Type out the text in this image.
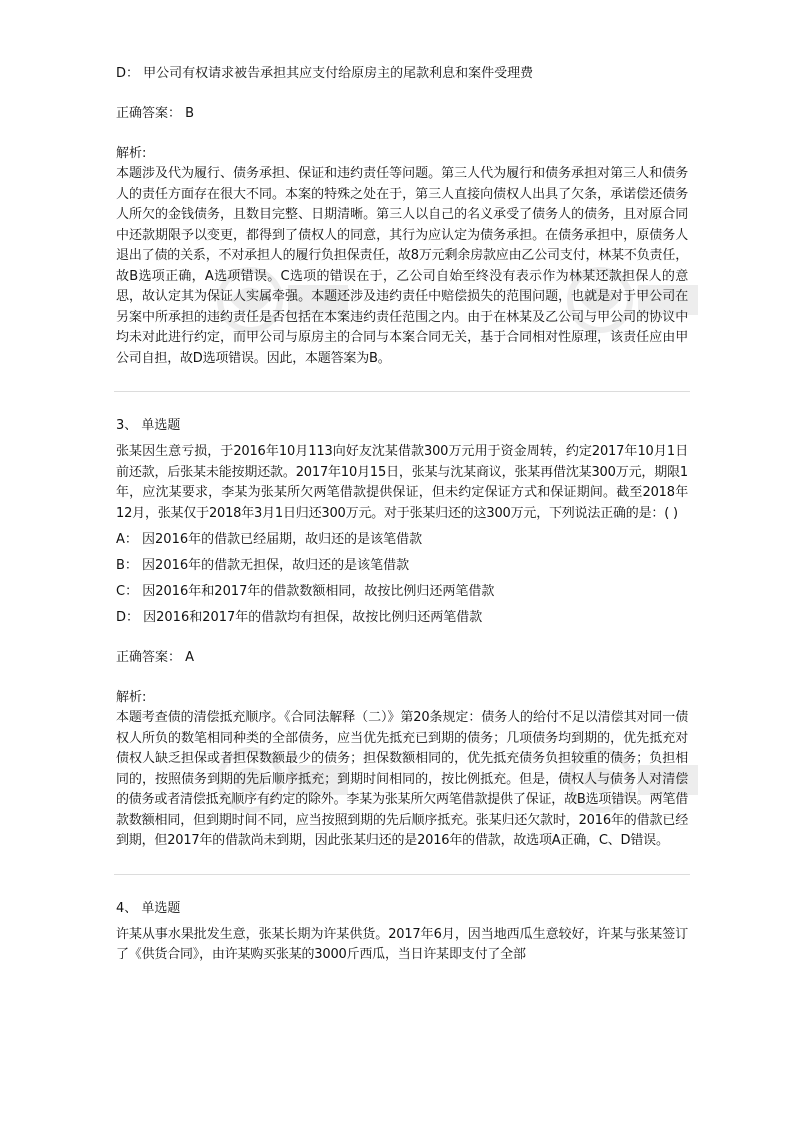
D： 甲公司有权请求被告承担其应支付给原房主的尾款利息和案件受理费

正确答案： B

解析:

本题涉及代为履行、债务承担、保证和违约责任等问题。第三人代为履行和债务承担对第三人和债务人的责任方面存在很大不同。本案的特殊之处在于，第三人直接向债权人出具了欠条，承诺偿还债务人所欠的金钱债务，且数目完整、日期清晰。第三人以自己的名义承受了债务人的债务，且对原合同中还款期限予以变更，都得到了债权人的同意，其行为应认定为债务承担。在债务承担中，原债务人退出了债的关系，不对承担人的履行负担保责任，故8万元剩余房款应由乙公司支付，林某不负责任，故B选项正确，A选项错误。C选项的错误在于，乙公司自始至终没有表示作为林某还款担保人的意思，故认定其为保证人实属牵强。本题还涉及违约责任中赔偿损失的范围问题，也就是对于甲公司在另案中所承担的违约责任是否包括在本案违约责任范围之内。由于在林某及乙公司与甲公司的协议中均未对此进行约定，而甲公司与原房主的合同与本案合同无关，基于合同相对性原理，该责任应由甲公司自担，故D选项错误。因此，本题答案为B。

3、 单选题

张某因生意亏损，于2016年10月113向好友沈某借款300万元用于资金周转，约定2017年10月1日前还款，后张某未能按期还款。2017年10月15日，张某与沈某商议，张某再借沈某300万元，期限1年，应沈某要求，李某为张某所欠两笔借款提供保证，但未约定保证方式和保证期间。截至2018年12月，张某仅于2018年3月1日归还300万元。对于张某归还的这300万元，下列说法正确的是：( )

A： 因2016年的借款已经届期，故归还的是该笔借款

B： 因2016年的借款无担保，故归还的是该笔借款

C： 因2016年和2017年的借款数额相同，故按比例归还两笔借款

D： 因2016和2017年的借款均有担保，故按比例归还两笔借款

正确答案： A

解析:

本题考查债的清偿抵充顺序。《合同法解释（二）》第20条规定：债务人的给付不足以清偿其对同一债权人所负的数笔相同种类的全部债务，应当优先抵充已到期的债务；几项债务均到期的，优先抵充对债权人缺乏担保或者担保数额最少的债务；担保数额相同的，优先抵充债务负担较重的债务；负担相同的，按照债务到期的先后顺序抵充；到期时间相同的，按比例抵充。但是，债权人与债务人对清偿的债务或者清偿抵充顺序有约定的除外。李某为张某所欠两笔借款提供了保证，故B选项错误。两笔借款数额相同，但到期时间不同，应当按照到期的先后顺序抵充。张某归还欠款时，2016年的借款已经到期，但2017年的借款尚未到期，因此张某归还的是2016年的借款，故选项A正确，C、D错误。

4、 单选题

许某从事水果批发生意，张某长期为许某供货。2017年6月，因当地西瓜生意较好，许某与张某签订了《供货合同》，由许某购买张某的3000斤西瓜，当日许某即支付了全部
